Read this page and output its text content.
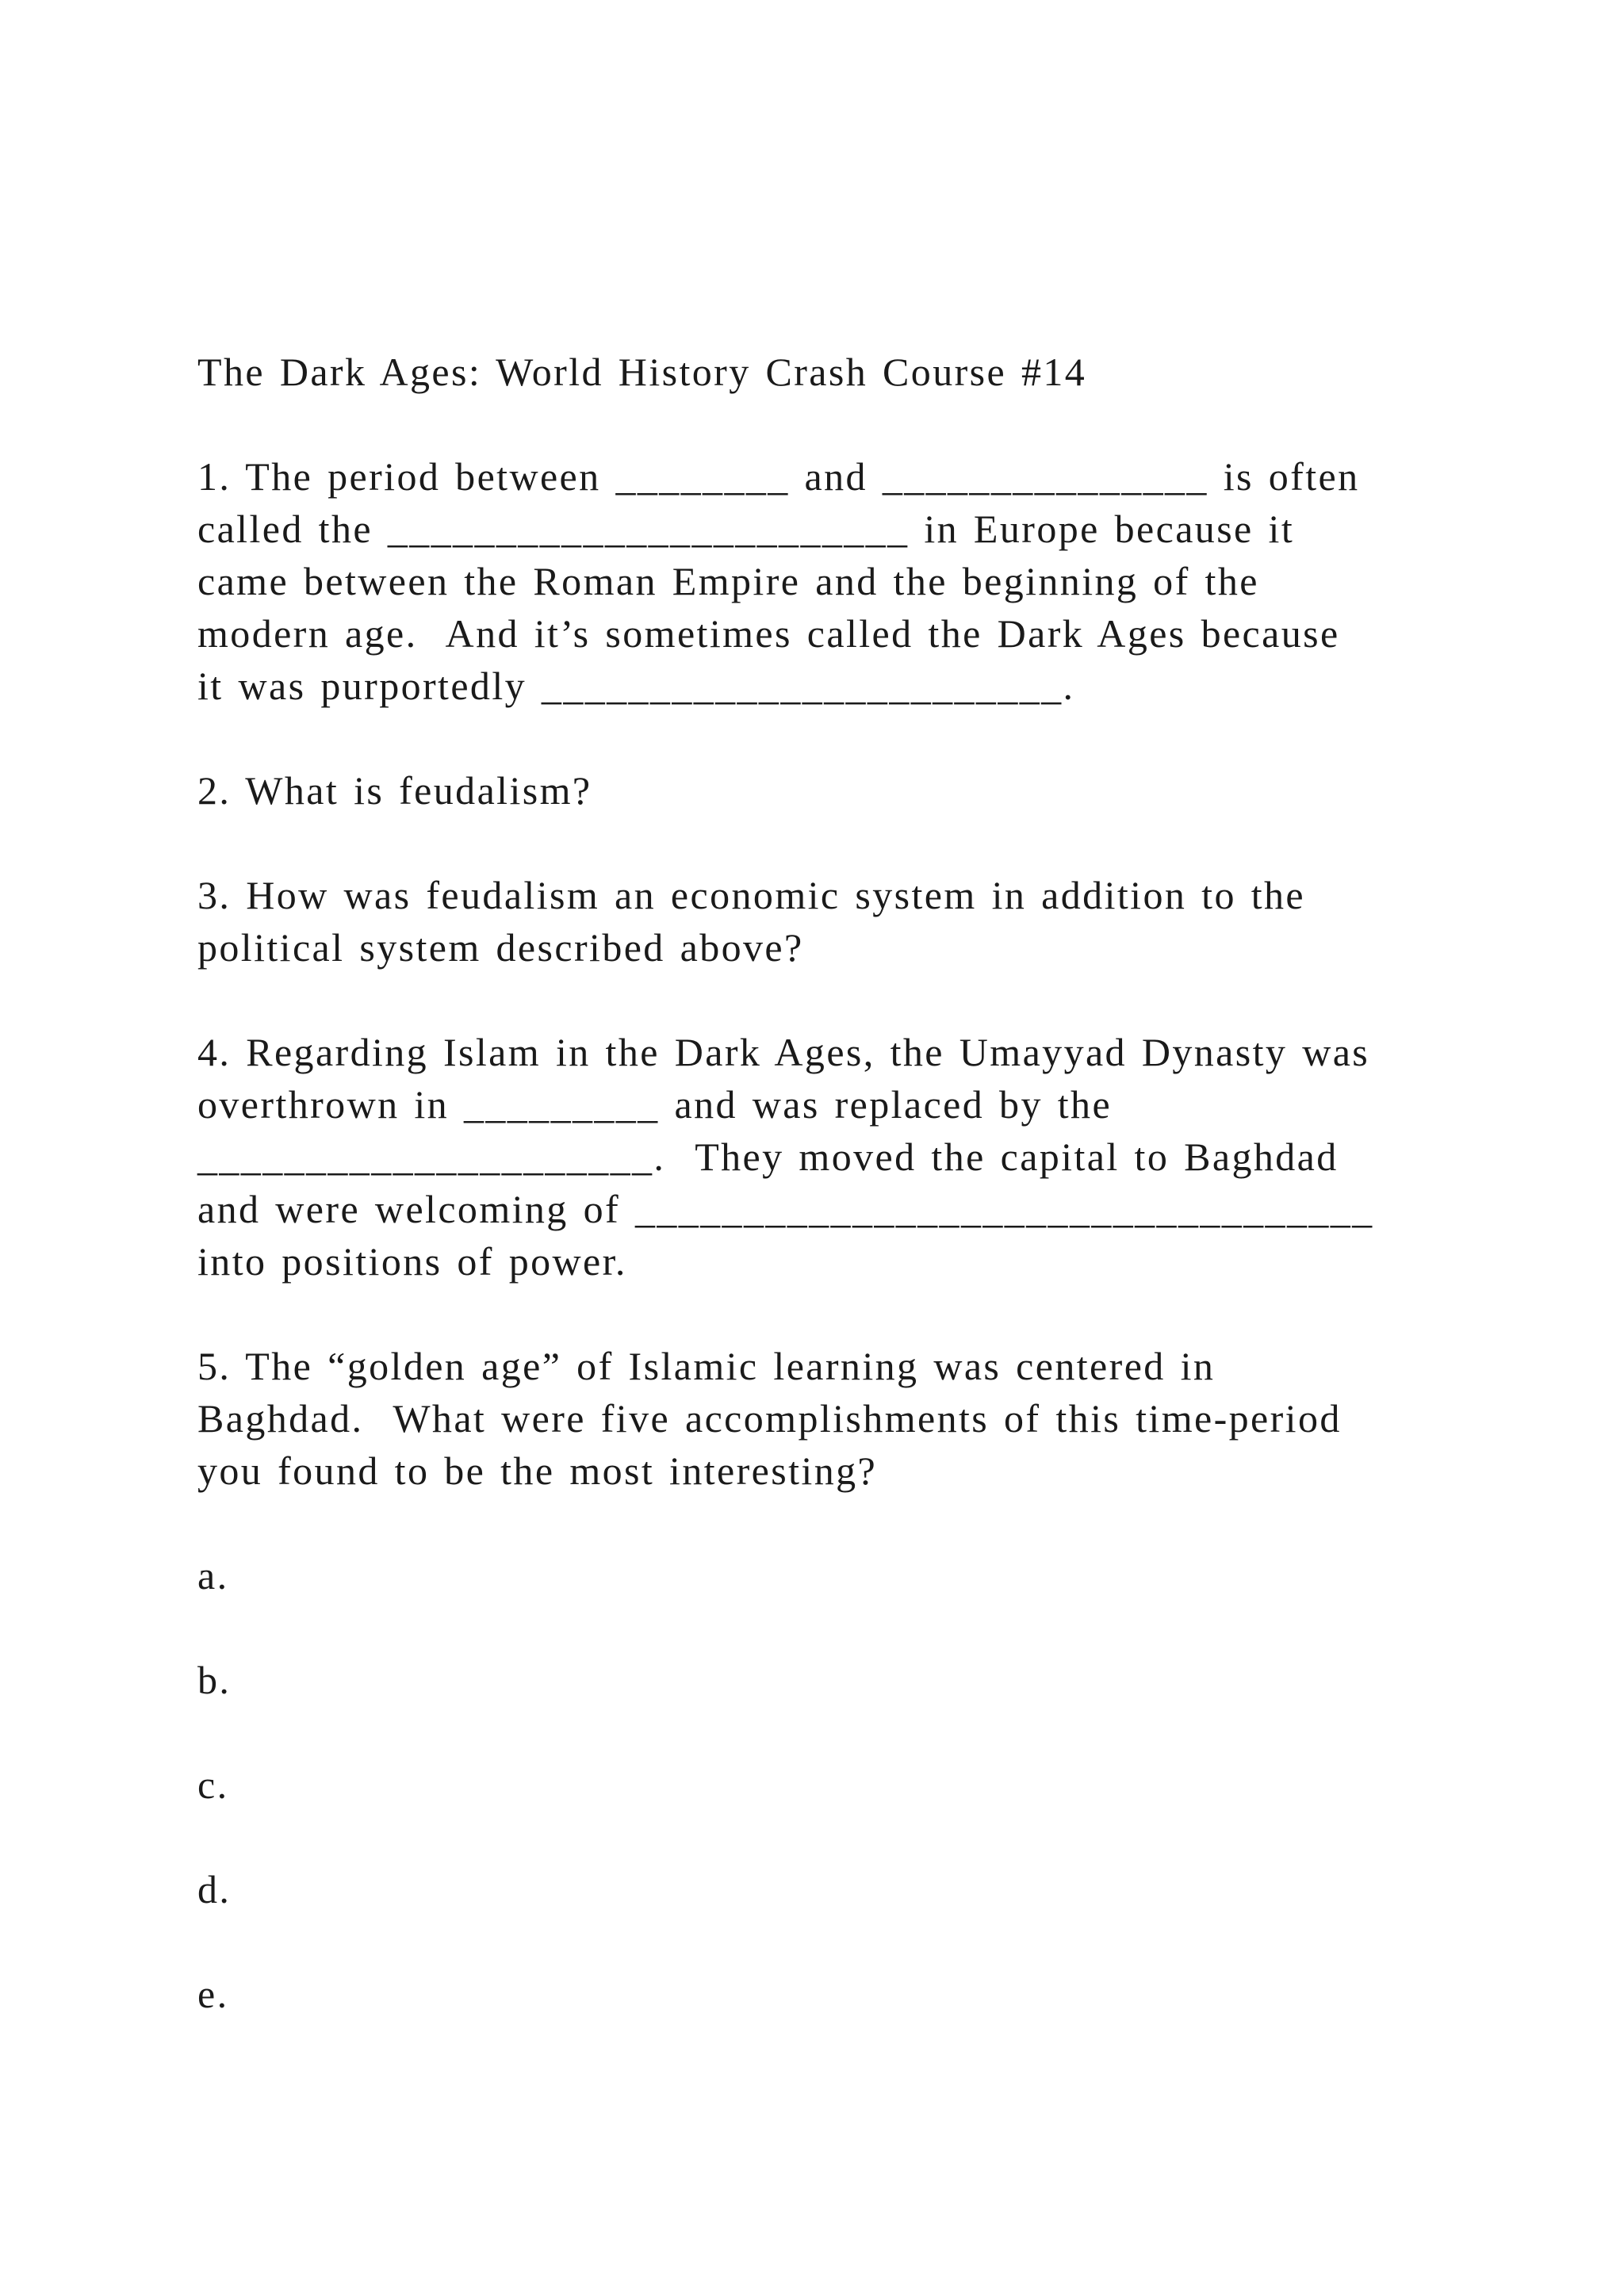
The Dark Ages: World History Crash Course #14
1. The period between ________ and _______________ is often
called the ________________________ in Europe because it
came between the Roman Empire and the beginning of the
modern age.  And it’s sometimes called the Dark Ages because
it was purportedly ________________________.
2. What is feudalism?
3. How was feudalism an economic system in addition to the
political system described above?
4. Regarding Islam in the Dark Ages, the Umayyad Dynasty was
overthrown in _________ and was replaced by the
_____________________.  They moved the capital to Baghdad
and were welcoming of __________________________________
into positions of power.
5. The “golden age” of Islamic learning was centered in
Baghdad.  What were five accomplishments of this time-period
you found to be the most interesting?
a.
b.
c.
d.
e.
